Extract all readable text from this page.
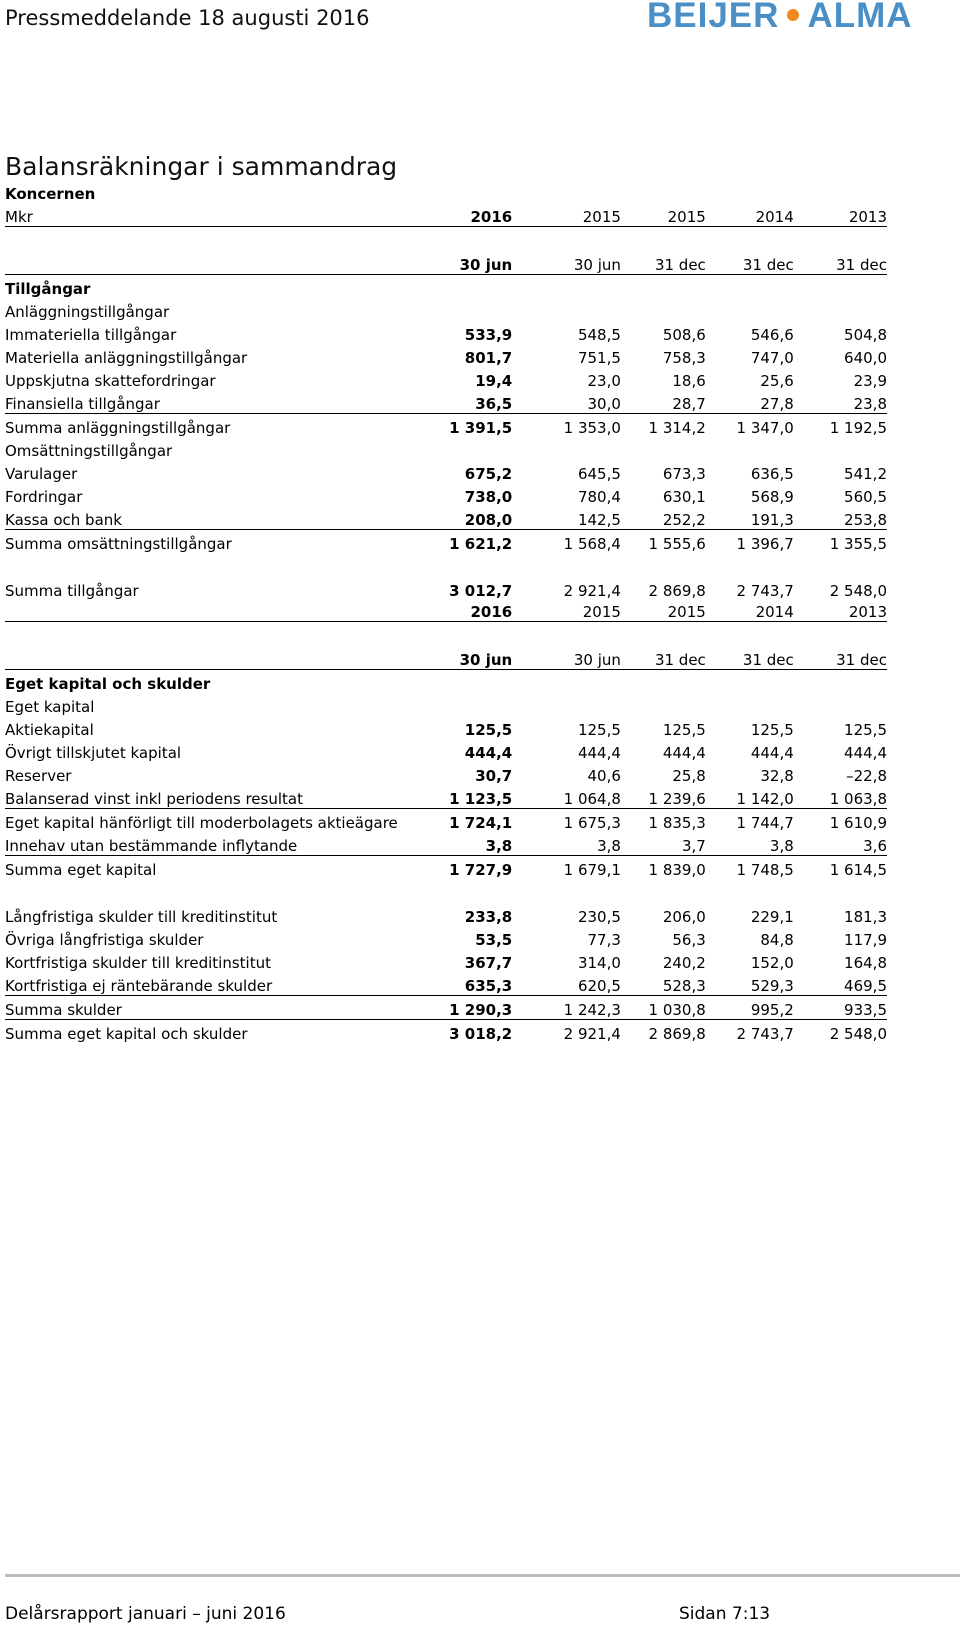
Pressmeddelande 18 augusti 2016	BEIJER ALMA
Balansräkningar i sammandrag
Koncernen					
Mkr	2016	2015	2015	2014	2013

	30 jun	30 jun	31 dec	31 dec	31 dec
Tillgångar					
Anläggningstillgångar					
Immateriella tillgångar	533,9	548,5	508,6	546,6	504,8
Materiella anläggningstillgångar	801,7	751,5	758,3	747,0	640,0
Uppskjutna skattefordringar	19,4	23,0	18,6	25,6	23,9
Finansiella tillgångar	36,5	30,0	28,7	27,8	23,8
Summa anläggningstillgångar	1 391,5	1 353,0	1 314,2	1 347,0	1 192,5
Omsättningstillgångar					
Varulager	675,2	645,5	673,3	636,5	541,2
Fordringar	738,0	780,4	630,1	568,9	560,5
Kassa och bank	208,0	142,5	252,2	191,3	253,8
Summa omsättningstillgångar	1 621,2	1 568,4	1 555,6	1 396,7	1 355,5

Summa tillgångar	3 012,7	2 921,4	2 869,8	2 743,7	2 548,0
	2016	2015	2015	2014	2013

	30 jun	30 jun	31 dec	31 dec	31 dec
Eget kapital och skulder					
Eget kapital					
Aktiekapital	125,5	125,5	125,5	125,5	125,5
Övrigt tillskjutet kapital	444,4	444,4	444,4	444,4	444,4
Reserver	30,7	40,6	25,8	32,8	–22,8
Balanserad vinst inkl periodens resultat	1 123,5	1 064,8	1 239,6	1 142,0	1 063,8
Eget kapital hänförligt till moderbolagets aktieägare	1 724,1	1 675,3	1 835,3	1 744,7	1 610,9
Innehav utan bestämmande inflytande	3,8	3,8	3,7	3,8	3,6
Summa eget kapital	1 727,9	1 679,1	1 839,0	1 748,5	1 614,5

Långfristiga skulder till kreditinstitut	233,8	230,5	206,0	229,1	181,3
Övriga långfristiga skulder	53,5	77,3	56,3	84,8	117,9
Kortfristiga skulder till kreditinstitut	367,7	314,0	240,2	152,0	164,8
Kortfristiga ej räntebärande skulder	635,3	620,5	528,3	529,3	469,5
Summa skulder	1 290,3	1 242,3	1 030,8	995,2	933,5
Summa eget kapital och skulder	3 018,2	2 921,4	2 869,8	2 743,7	2 548,0
Delårsrapport januari – juni 2016	Sidan 7:13
